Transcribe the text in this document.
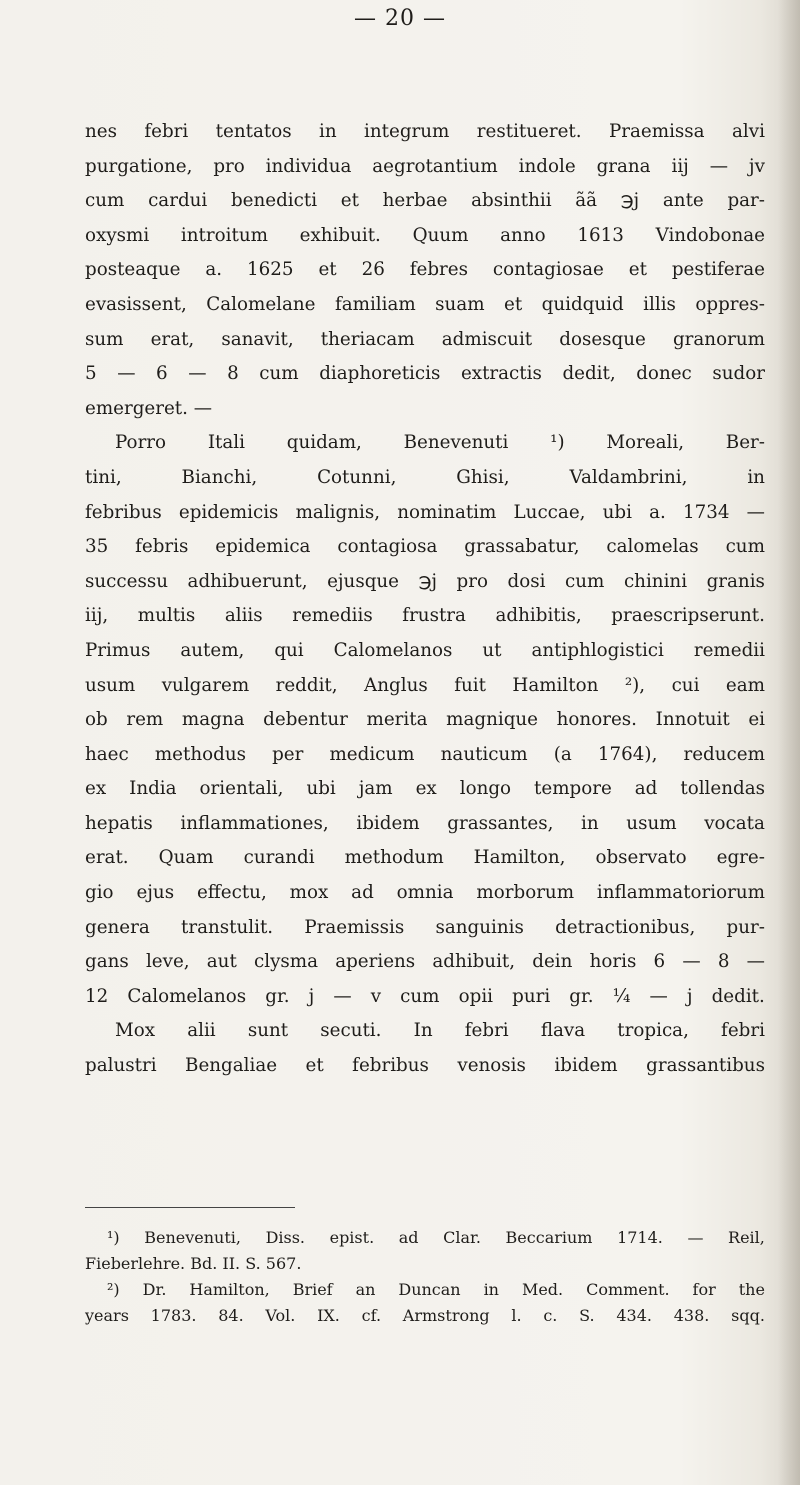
— 20 —
nes febri tentatos in integrum restitueret. Praemissa alvi
purgatione, pro individua aegrotantium indole grana iij — jv
cum cardui benedicti et herbae absinthii ãã ℈j ante par-
oxysmi introitum exhibuit. Quum anno 1613 Vindobonae
posteaque a. 1625 et 26 febres contagiosae et pestiferae
evasissent, Calomelane familiam suam et quidquid illis oppres-
sum erat, sanavit, theriacam admiscuit dosesque granorum
5 — 6 — 8 cum diaphoreticis extractis dedit, donec sudor
emergeret. —
Porro Itali quidam, Benevenuti ¹) Moreali, Ber-
tini,	Bianchi,	Cotunni,	Ghisi,	Valdambrini,	in
febribus epidemicis malignis, nominatim Luccae, ubi a. 1734 —
35 febris epidemica contagiosa grassabatur, calomelas cum
successu adhibuerunt, ejusque ℈j pro dosi cum chinini granis
iij, multis aliis remediis frustra adhibitis, praescripserunt.
Primus autem, qui Calomelanos ut antiphlogistici remedii
usum vulgarem reddit, Anglus fuit Hamilton ²), cui eam
ob rem magna debentur merita magnique honores. Innotuit ei
haec methodus per medicum nauticum (a 1764), reducem
ex India orientali, ubi jam ex longo tempore ad tollendas
hepatis inflammationes, ibidem grassantes, in usum vocata
erat. Quam curandi methodum Hamilton, observato egre-
gio ejus effectu, mox ad omnia morborum inflammatoriorum
genera transtulit. Praemissis sanguinis detractionibus, pur-
gans leve, aut clysma aperiens adhibuit, dein horis 6 — 8 —
12 Calomelanos gr. j — v cum opii puri gr. ¼ — j dedit.
Mox alii sunt secuti. In febri flava tropica, febri
palustri Bengaliae et febribus venosis ibidem grassantibus
¹) Benevenuti, Diss. epist. ad Clar. Beccarium 1714. — Reil,
Fieberlehre. Bd. II. S. 567.
²) Dr. Hamilton, Brief an Duncan in Med. Comment. for the
years 1783. 84. Vol. IX. cf. Armstrong l. c. S. 434. 438. sqq.
